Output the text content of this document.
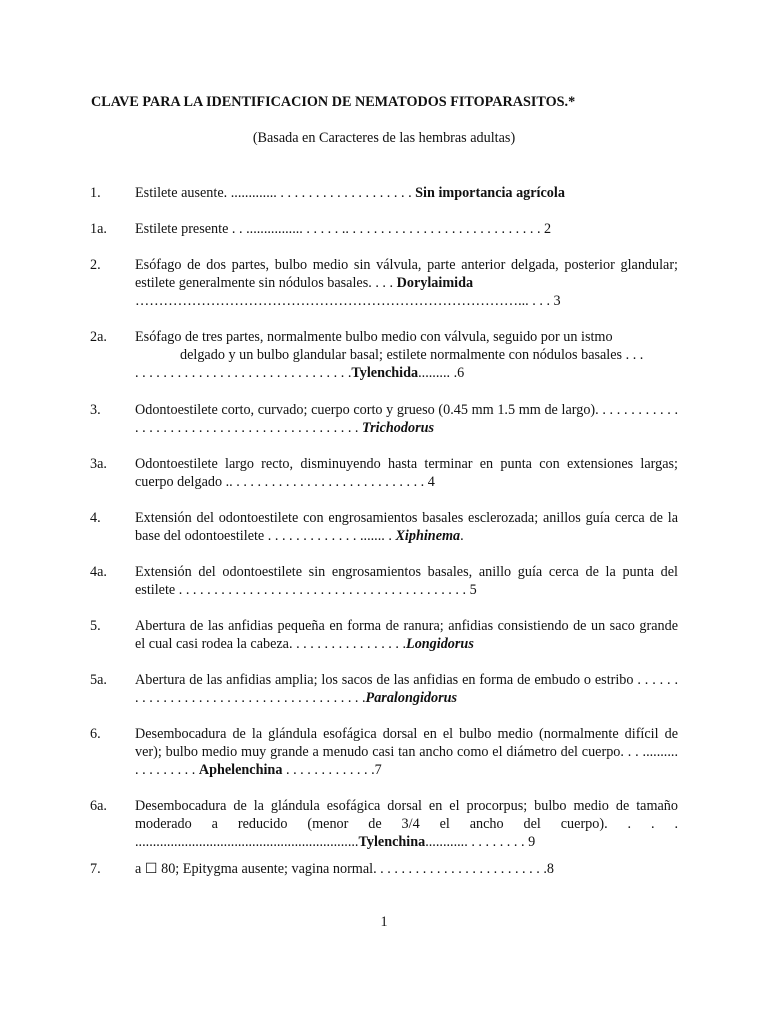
CLAVE PARA LA IDENTIFICACION DE NEMATODOS FITOPARASITOS.*
(Basada en Caracteres de las hembras adultas)
1. Estilete ausente. ............. . . . . . . . . . . . . . . . . . . . Sin importancia agrícola
1a. Estilete presente . . ................ . . . . . .. . . . . . . . . . . . . . . . . . . . . . . . . . . . 2
2. Esófago de dos partes, bulbo medio sin válvula, parte anterior delgada, posterior glandular; estilete generalmente sin nódulos basales. . . . Dorylaimida
………………………………………………………………………... . . . 3
2a. Esófago de tres partes, normalmente bulbo medio con válvula, seguido por un istmo
delgado y un bulbo glandular basal; estilete normalmente con nódulos basales . . .
. . . . . . . . . . . . . . . . . . . . . . . . . . . . . . .Tylenchida......... .6
3. Odontoestilete corto, curvado; cuerpo corto y grueso (0.45 mm 1.5 mm de largo). . . . . . . . . . . . . . . . . . . . . . . . . . . . . . . . . . . . . . . . . . . . Trichodorus
3a. Odontoestilete largo recto, disminuyendo hasta terminar en punta con extensiones largas; cuerpo delgado .. . . . . . . . . . . . . . . . . . . . . . . . . . . . 4
4. Extensión del odontoestilete con engrosamientos basales esclerozada; anillos guía cerca de la base del odontoestilete . . . . . . . . . . . . . ....... . Xiphinema.
4a. Extensión del odontoestilete sin engrosamientos basales, anillo guía cerca de la punta del estilete . . . . . . . . . . . . . . . . . . . . . . . . . . . . . . . . . . . . . . . . . 5
5. Abertura de las anfidias pequeña en forma de ranura; anfidias consistiendo de un saco grande el cual casi rodea la cabeza. . . . . . . . . . . . . . . . .Longidorus
5a. Abertura de las anfidias amplia; los sacos de las anfidias en forma de embudo o estribo . . . . . . . . . . . . . . . . . . . . . . . . . . . . . . . . . . . . . . .Paralongidorus
6. Desembocadura de la glándula esofágica dorsal en el bulbo medio (normalmente difícil de ver); bulbo medio muy grande a menudo casi tan ancho como el diámetro del cuerpo. . . .......... . . . . . . . . . Aphelenchina . . . . . . . . . . . . .7
6a. Desembocadura de la glándula esofágica dorsal en el procorpus; bulbo medio de tamaño moderado a reducido (menor de 3/4 el ancho del cuerpo). . . . ...............................................................Tylenchina............ . . . . . . . . 9
7. a ☐ 80; Epitygma ausente; vagina normal. . . . . . . . . . . . . . . . . . . . . . . . .8
1
